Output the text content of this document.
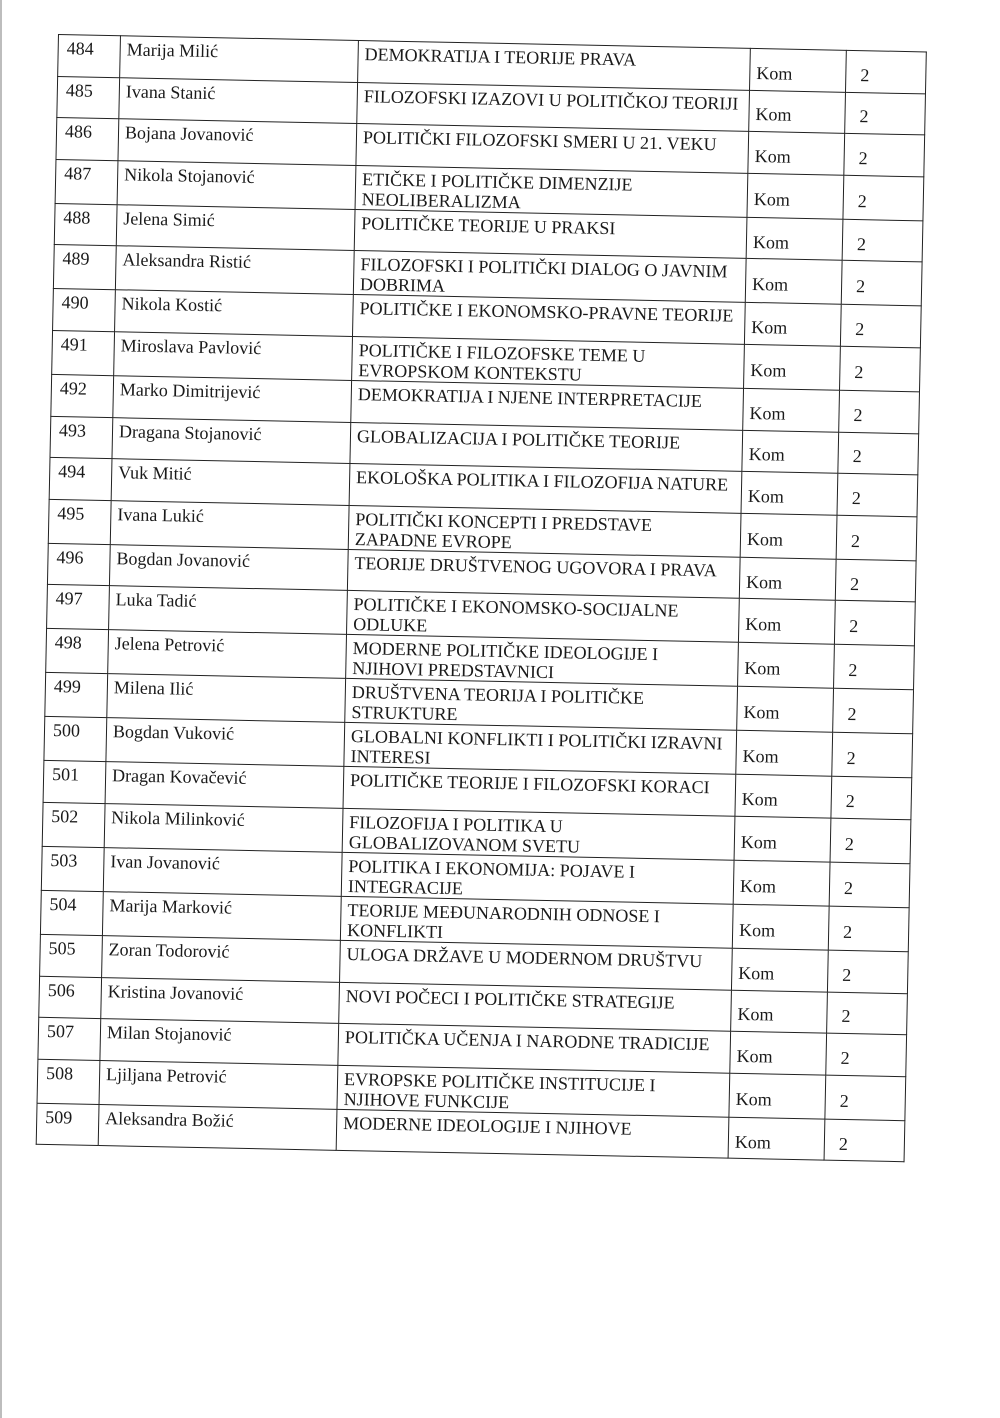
484	Marija Milić	DEMOKRATIJA I TEORIJE PRAVA	Kom	2
485	Ivana Stanić	FILOZOFSKI IZAZOVI U POLITIČKOJ TEORIJI	Kom	2
486	Bojana Jovanović	POLITIČKI FILOZOFSKI SMERI U 21. VEKU	Kom	2
487	Nikola Stojanović	ETIČKE I POLITIČKE DIMENZIJE NEOLIBERALIZMA	Kom	2
488	Jelena Simić	POLITIČKE TEORIJE U PRAKSI	Kom	2
489	Aleksandra Ristić	FILOZOFSKI I POLITIČKI DIALOG O JAVNIM DOBRIMA	Kom	2
490	Nikola Kostić	POLITIČKE I EKONOMSKO-PRAVNE TEORIJE	Kom	2
491	Miroslava Pavlović	POLITIČKE I FILOZOFSKE TEME U EVROPSKOM KONTEKSTU	Kom	2
492	Marko Dimitrijević	DEMOKRATIJA I NJENE INTERPRETACIJE	Kom	2
493	Dragana Stojanović	GLOBALIZACIJA I POLITIČKE TEORIJE	Kom	2
494	Vuk Mitić	EKOLOŠKA POLITIKA I FILOZOFIJA NATURE	Kom	2
495	Ivana Lukić	POLITIČKI KONCEPTI I PREDSTAVE ZAPADNE EVROPE	Kom	2
496	Bogdan Jovanović	TEORIJE DRUŠTVENOG UGOVORA I PRAVA	Kom	2
497	Luka Tadić	POLITIČKE I EKONOMSKO-SOCIJALNE ODLUKE	Kom	2
498	Jelena Petrović	MODERNE POLITIČKE IDEOLOGIJE I NJIHOVI PREDSTAVNICI	Kom	2
499	Milena Ilić	DRUŠTVENA TEORIJA I POLITIČKE STRUKTURE	Kom	2
500	Bogdan Vuković	GLOBALNI KONFLIKTI I POLITIČKI IZRAVNI INTERESI	Kom	2
501	Dragan Kovačević	POLITIČKE TEORIJE I FILOZOFSKI KORACI	Kom	2
502	Nikola Milinković	FILOZOFIJA I POLITIKA U GLOBALIZOVANOM SVETU	Kom	2
503	Ivan Jovanović	POLITIKA I EKONOMIJA: POJAVE I INTEGRACIJE	Kom	2
504	Marija Marković	TEORIJE MEĐUNARODNIH ODNOSE I KONFLIKTI	Kom	2
505	Zoran Todorović	ULOGA DRŽAVE U MODERNOM DRUŠTVU	Kom	2
506	Kristina Jovanović	NOVI POČECI I POLITIČKE STRATEGIJE	Kom	2
507	Milan Stojanović	POLITIČKA UČENJA I NARODNE TRADICIJE	Kom	2
508	Ljiljana Petrović	EVROPSKE POLITIČKE INSTITUCIJE I NJIHOVE FUNKCIJE	Kom	2
509	Aleksandra Božić	MODERNE IDEOLOGIJE I NJIHOVE	Kom	2
